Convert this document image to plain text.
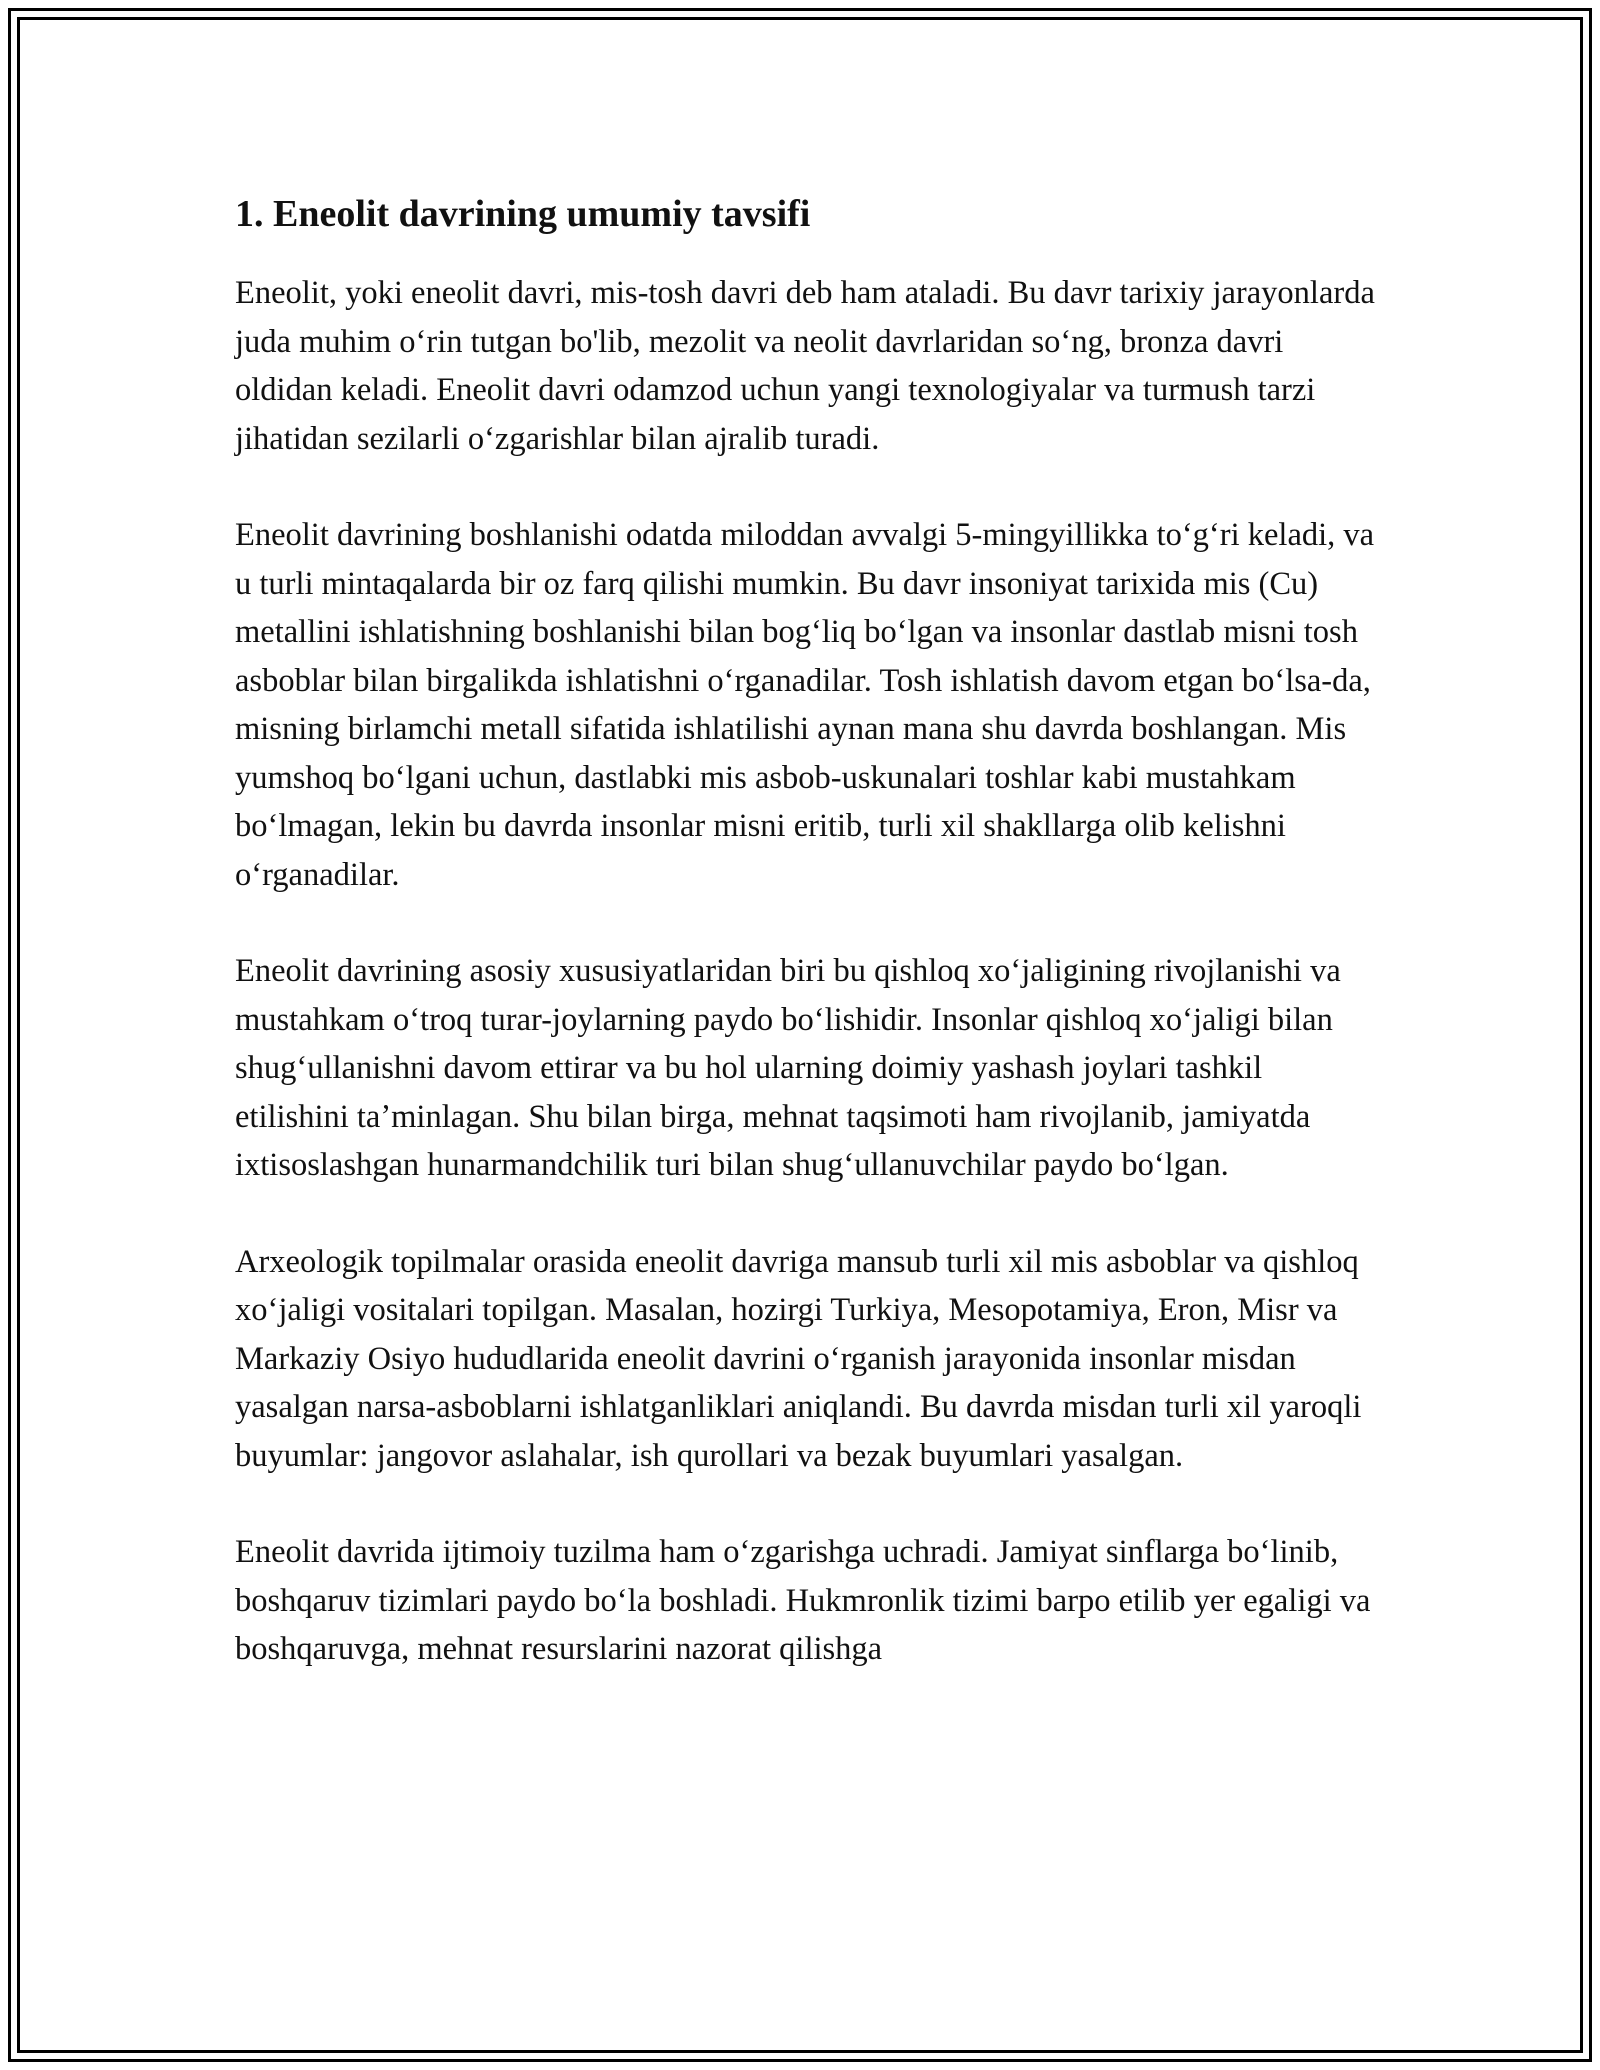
1. Eneolit davrining umumiy tavsifi

Eneolit, yoki eneolit davri, mis-tosh davri deb ham ataladi. Bu davr tarixiy jarayonlarda juda muhim oʻrin tutgan bo'lib, mezolit va neolit davrlaridan soʻng, bronza davri oldidan keladi. Eneolit davri odamzod uchun yangi texnologiyalar va turmush tarzi jihatidan sezilarli oʻzgarishlar bilan ajralib turadi.

Eneolit davrining boshlanishi odatda miloddan avvalgi 5-mingyillikka toʻgʻri keladi, va u turli mintaqalarda bir oz farq qilishi mumkin. Bu davr insoniyat tarixida mis (Cu) metallini ishlatishning boshlanishi bilan bogʻliq boʻlgan va insonlar dastlab misni tosh asboblar bilan birgalikda ishlatishni oʻrganadilar. Tosh ishlatish davom etgan boʻlsa-da, misning birlamchi metall sifatida ishlatilishi aynan mana shu davrda boshlangan. Mis yumshoq boʻlgani uchun, dastlabki mis asbob-uskunalari toshlar kabi mustahkam boʻlmagan, lekin bu davrda insonlar misni eritib, turli xil shakllarga olib kelishni oʻrganadilar.

Eneolit davrining asosiy xususiyatlaridan biri bu qishloq xoʻjaligining rivojlanishi va mustahkam oʻtroq turar-joylarning paydo boʻlishidir. Insonlar qishloq xoʻjaligi bilan shugʻullanishni davom ettirar va bu hol ularning doimiy yashash joylari tashkil etilishini taʼminlagan. Shu bilan birga, mehnat taqsimoti ham rivojlanib, jamiyatda ixtisoslashgan hunarmandchilik turi bilan shugʻullanuvchilar paydo boʻlgan.

Arxeologik topilmalar orasida eneolit davriga mansub turli xil mis asboblar va qishloq xoʻjaligi vositalari topilgan. Masalan, hozirgi Turkiya, Mesopotamiya, Eron, Misr va Markaziy Osiyo hududlarida eneolit davrini oʻrganish jarayonida insonlar misdan yasalgan narsa-asboblarni ishlatganliklari aniqlandi. Bu davrda misdan turli xil yaroqli buyumlar: jangovor aslahalar, ish qurollari va bezak buyumlari yasalgan.

Eneolit davrida ijtimoiy tuzilma ham oʻzgarishga uchradi. Jamiyat sinflarga boʻlinib, boshqaruv tizimlari paydo boʻla boshladi. Hukmronlik tizimi barpo etilib yer egaligi va boshqaruvga, mehnat resurslarini nazorat qilishga
